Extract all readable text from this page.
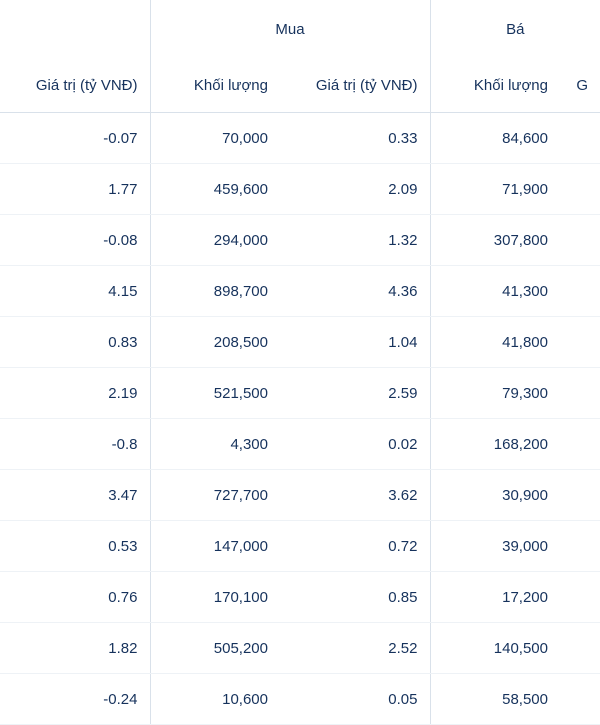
	Mua		Bá	
	Giá trị (tỷ VNĐ)	Khối lượng	Giá trị (tỷ VNĐ)	Khối lượng	G
	-0.07	70,000	0.33	84,600	
	1.77	459,600	2.09	71,900	
	-0.08	294,000	1.32	307,800	
	4.15	898,700	4.36	41,300	
	0.83	208,500	1.04	41,800	
	2.19	521,500	2.59	79,300	
	-0.8	4,300	0.02	168,200	
	3.47	727,700	3.62	30,900	
	0.53	147,000	0.72	39,000	
	0.76	170,100	0.85	17,200	
	1.82	505,200	2.52	140,500	
	-0.24	10,600	0.05	58,500	
